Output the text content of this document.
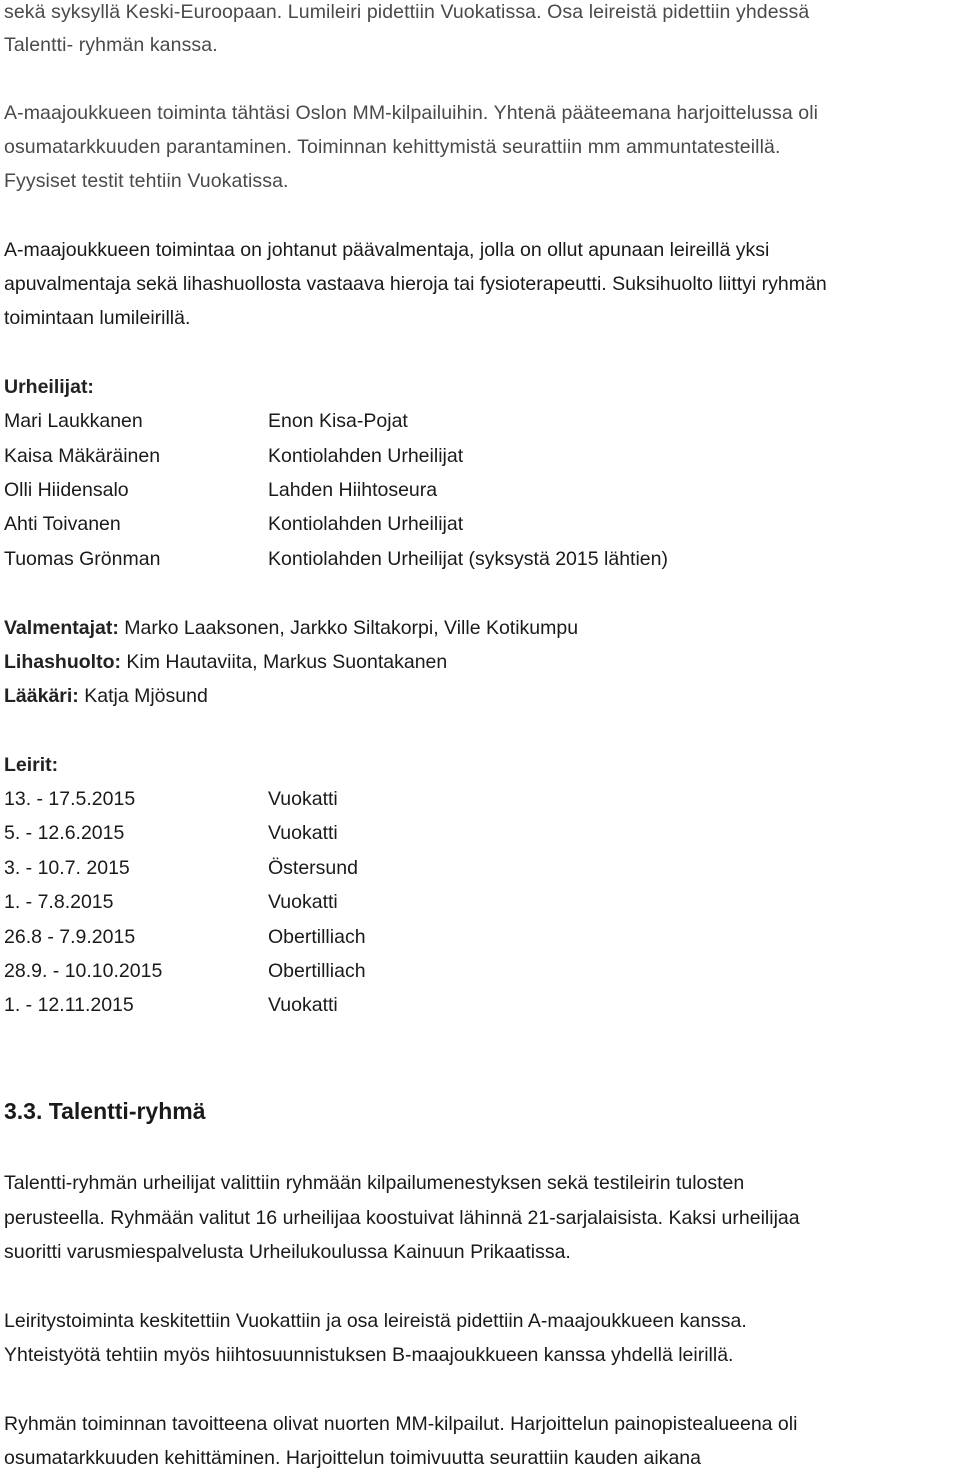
sekä syksyllä Keski-Euroopaan. Lumileiri pidettiin Vuokatissa. Osa leireistä pidettiin yhdessä
Talentti- ryhmän kanssa.
A-maajoukkueen toiminta tähtäsi Oslon MM-kilpailuihin. Yhtenä pääteemana harjoittelussa oli
osumatarkkuuden parantaminen. Toiminnan kehittymistä seurattiin mm ammuntatesteillä.
Fyysiset testit tehtiin Vuokatissa.
A-maajoukkueen toimintaa on johtanut päävalmentaja, jolla on ollut apunaan leireillä yksi
apuvalmentaja sekä lihashuollosta vastaava hieroja tai fysioterapeutti. Suksihuolto liittyi ryhmän
toimintaan lumileirillä.
Urheilijat:
Mari Laukkanen	Enon Kisa-Pojat
Kaisa Mäkäräinen	Kontiolahden Urheilijat
Olli Hiidensalo	Lahden Hiihtoseura
Ahti Toivanen	Kontiolahden Urheilijat
Tuomas Grönman	Kontiolahden Urheilijat (syksystä 2015 lähtien)
Valmentajat: Marko Laaksonen, Jarkko Siltakorpi, Ville Kotikumpu
Lihashuolto: Kim Hautaviita, Markus Suontakanen
Lääkäri: Katja Mjösund
Leirit:
13. - 17.5.2015	Vuokatti
5. - 12.6.2015	Vuokatti
3. - 10.7. 2015	Östersund
1. - 7.8.2015	Vuokatti
26.8 - 7.9.2015	Obertilliach
28.9. - 10.10.2015	Obertilliach
1. - 12.11.2015	Vuokatti
3.3. Talentti-ryhmä
Talentti-ryhmän urheilijat valittiin ryhmään kilpailumenestyksen sekä testileirin tulosten
perusteella. Ryhmään valitut 16 urheilijaa koostuivat lähinnä 21-sarjalaisista. Kaksi urheilijaa
suoritti varusmiespalvelusta Urheilukoulussa Kainuun Prikaatissa.
Leiritystoiminta keskitettiin Vuokattiin ja osa leireistä pidettiin A-maajoukkueen kanssa.
Yhteistyötä tehtiin myös hiihtosuunnistuksen B-maajoukkueen kanssa yhdellä leirillä.
Ryhmän toiminnan tavoitteena olivat nuorten MM-kilpailut. Harjoittelun painopistealueena oli
osumatarkkuuden kehittäminen. Harjoittelun toimivuutta seurattiin kauden aikana
